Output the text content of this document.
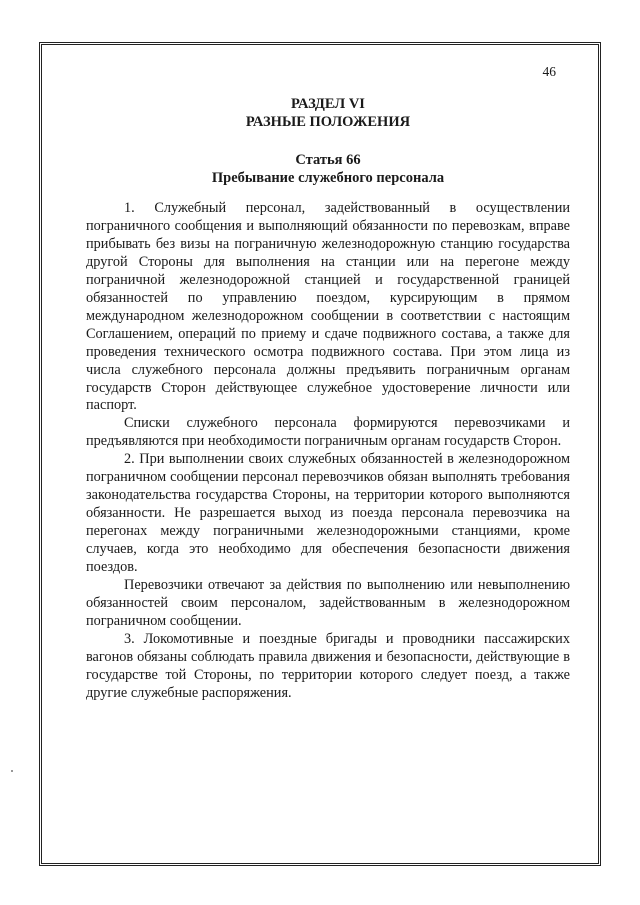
46
РАЗДЕЛ VI
РАЗНЫЕ ПОЛОЖЕНИЯ
Статья 66
Пребывание служебного персонала

1. Служебный персонал, задействованный в осуществлении пограничного сообщения и выполняющий обязанности по перевозкам, вправе прибывать без визы на пограничную железнодорожную станцию государства другой Стороны для выполнения на станции или на перегоне между пограничной железнодорожной станцией и государственной границей обязанностей по управлению поездом, курсирующим в прямом международном железнодорожном сообщении в соответствии с настоящим Соглашением, операций по приему и сдаче подвижного состава, а также для проведения технического осмотра подвижного состава. При этом лица из числа служебного персонала должны предъявить пограничным органам государств Сторон действующее служебное удостоверение личности или паспорт.

Списки служебного персонала формируются перевозчиками и предъявляются при необходимости пограничным органам государств Сторон.

2. При выполнении своих служебных обязанностей в железнодорожном пограничном сообщении персонал перевозчиков обязан выполнять требования законодательства государства Стороны, на территории которого выполняются обязанности. Не разрешается выход из поезда персонала перевозчика на перегонах между пограничными железнодорожными станциями, кроме случаев, когда это необходимо для обеспечения безопасности движения поездов.

Перевозчики отвечают за действия по выполнению или невыполнению обязанностей своим персоналом, задействованным в железнодорожном пограничном сообщении.

3. Локомотивные и поездные бригады и проводники пассажирских вагонов обязаны соблюдать правила движения и безопасности, действующие в государстве той Стороны, по территории которого следует поезд, а также другие служебные распоряжения.
